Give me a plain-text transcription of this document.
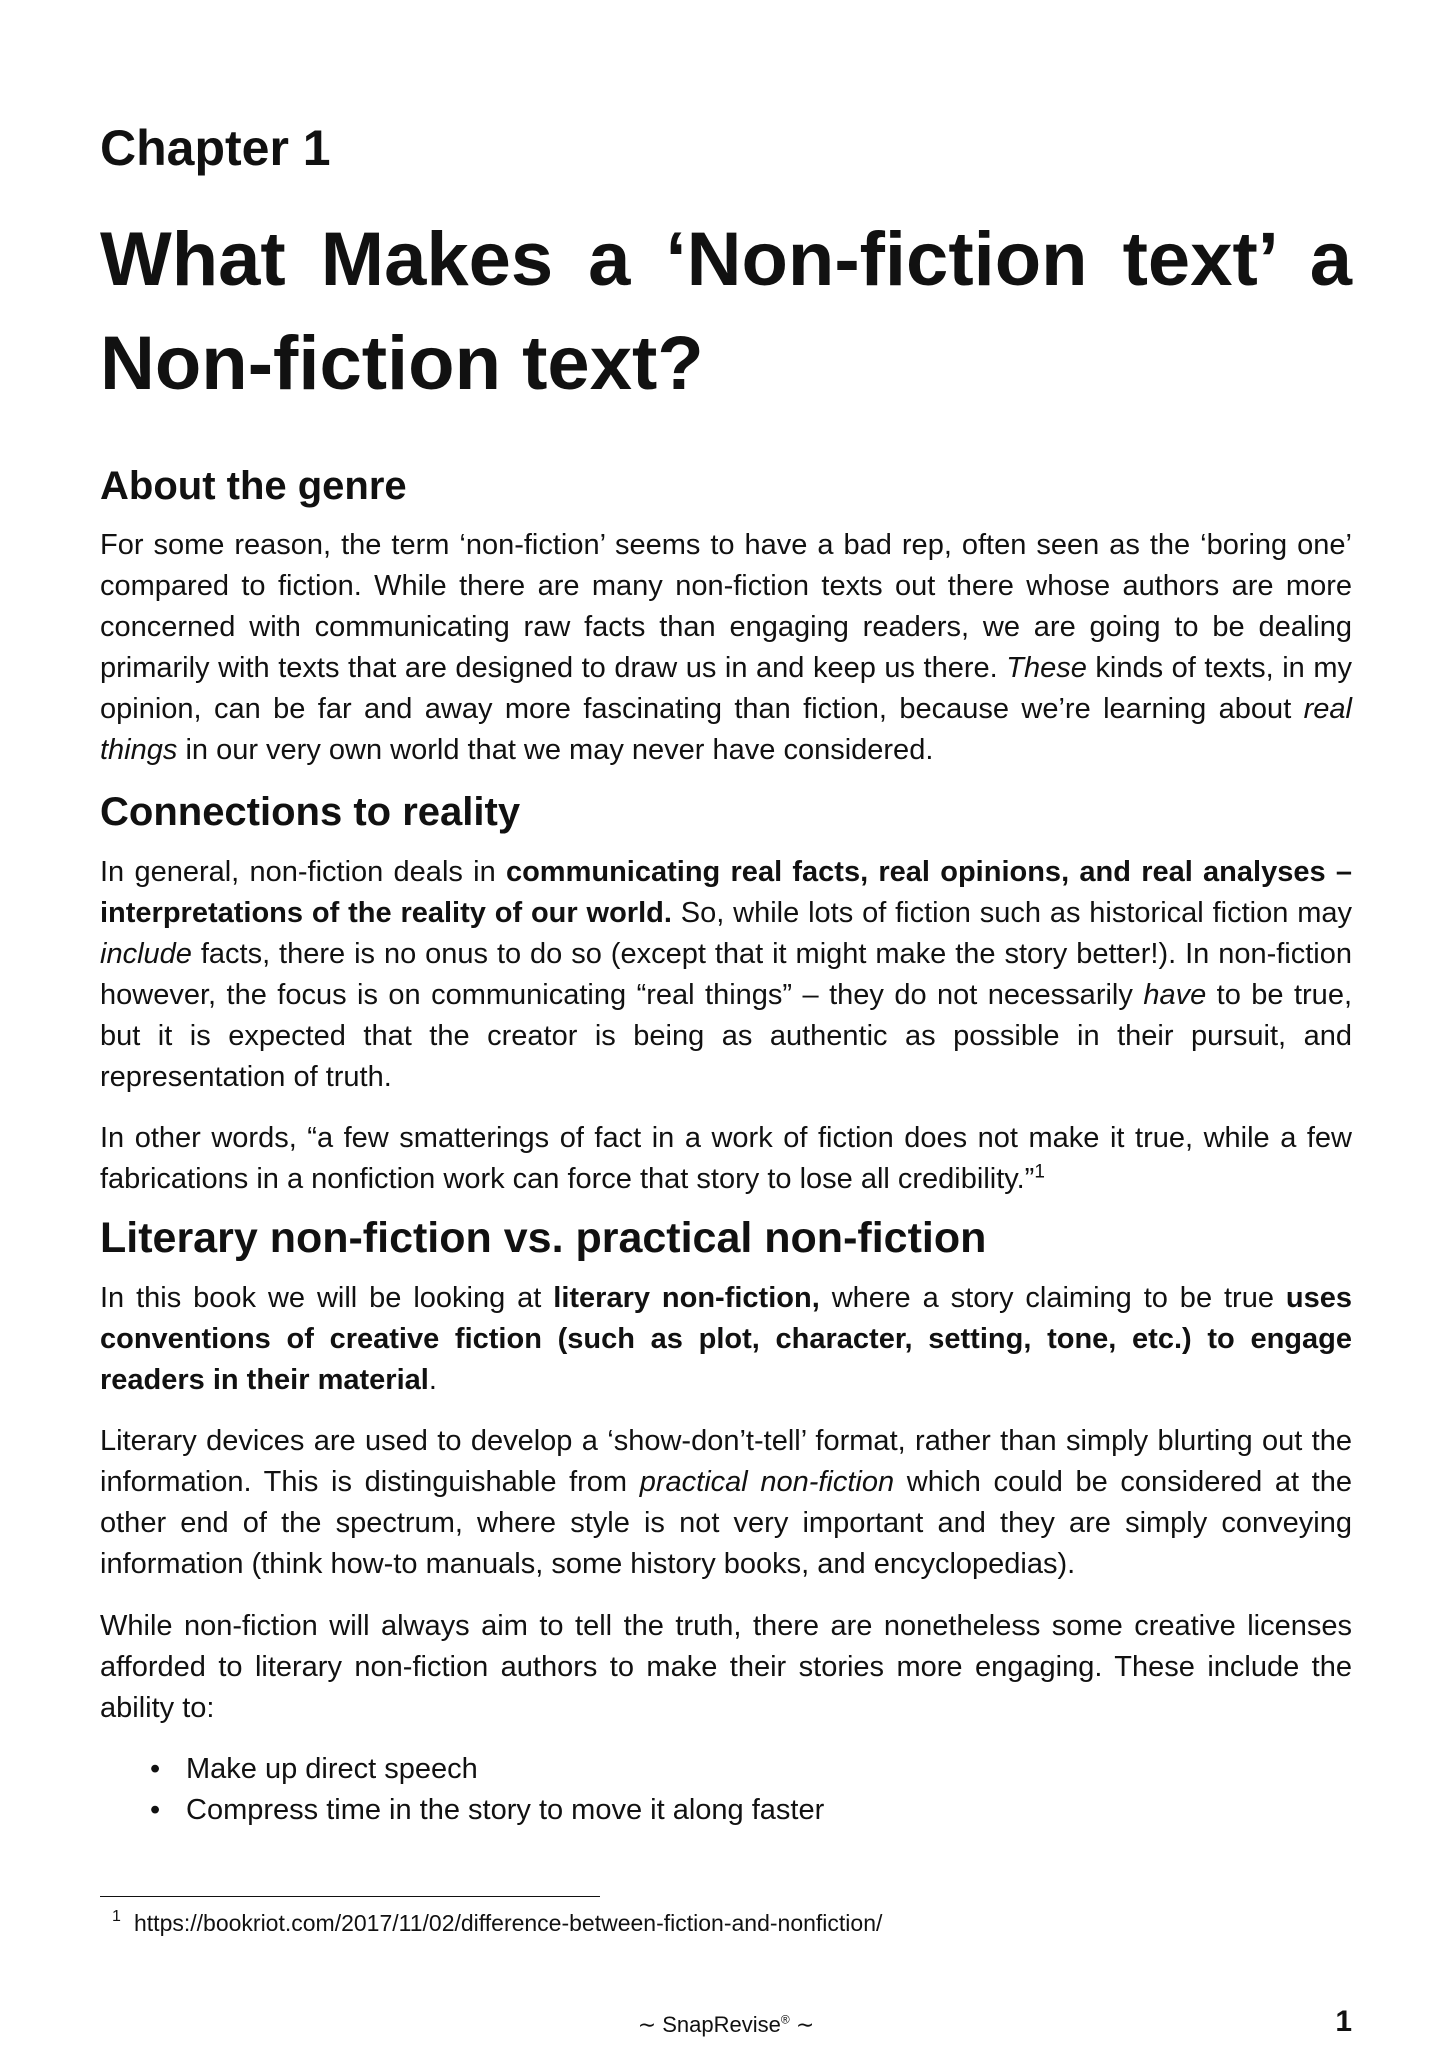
Chapter 1
What Makes a ‘Non-fiction text’ a Non-fiction text?
About the genre

For some reason, the term ‘non-fiction’ seems to have a bad rep, often seen as the ‘boring one’ compared to fiction. While there are many non-fiction texts out there whose authors are more concerned with communicating raw facts than engaging readers, we are going to be dealing primarily with texts that are designed to draw us in and keep us there. These kinds of texts, in my opinion, can be far and away more fascinating than fiction, because we’re learning about real things in our very own world that we may never have considered.

Connections to reality

In general, non-fiction deals in communicating real facts, real opinions, and real analyses – interpretations of the reality of our world. So, while lots of fiction such as historical fiction may include facts, there is no onus to do so (except that it might make the story better!). In non-fiction however, the focus is on communicating “real things” – they do not necessarily have to be true, but it is expected that the creator is being as authentic as possible in their pursuit, and representation of truth.

In other words, “a few smatterings of fact in a work of fiction does not make it true, while a few fabrications in a nonfiction work can force that story to lose all credibility.”$^1$

Literary non-fiction vs. practical non-fiction

In this book we will be looking at literary non-fiction, where a story claiming to be true uses conventions of creative fiction (such as plot, character, setting, tone, etc.) to engage readers in their material.

Literary devices are used to develop a ‘show-don’t-tell’ format, rather than simply blurting out the information. This is distinguishable from practical non-fiction which could be considered at the other end of the spectrum, where style is not very important and they are simply conveying information (think how-to manuals, some history books, and encyclopedias).

While non-fiction will always aim to tell the truth, there are nonetheless some creative licenses afforded to literary non-fiction authors to make their stories more engaging. These include the ability to:

• Make up direct speech
• Compress time in the story to move it along faster
1 https://bookriot.com/2017/11/02/difference-between-fiction-and-nonfiction/
∼ SnapRevise® ∼	1
